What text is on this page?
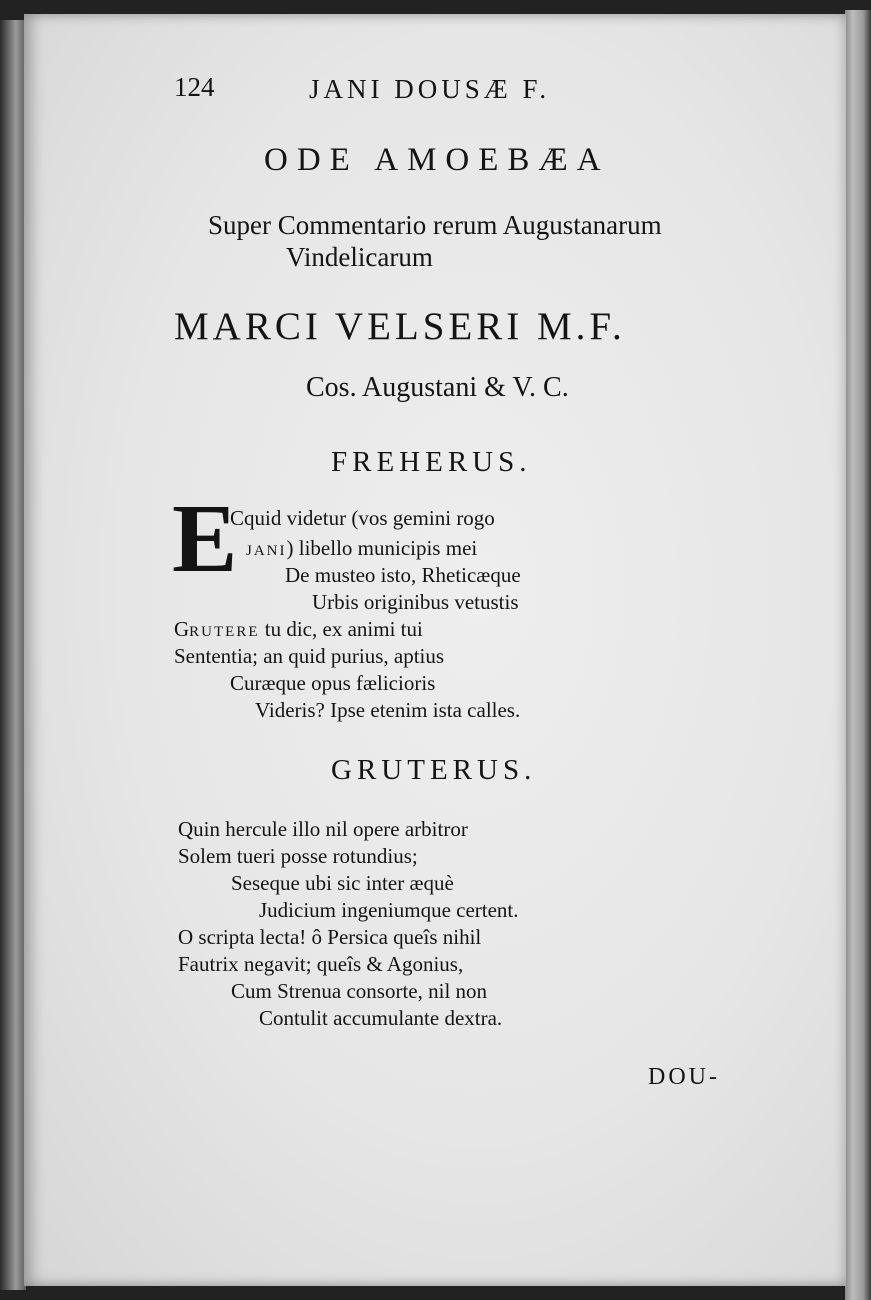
124	JANI DOUSÆ F.
ODE AMOEBÆA
Super Commentario rerum Augustanarum
Vindelicarum
MARCI VELSERI M.F.
Cos. Augustani & V. C.
FREHERUS.
E
Cquid videtur (vos gemini rogo
JANI) libello municipis mei
De musteo isto, Rheticæque
Urbis originibus vetustis
GRUTERE tu dic, ex animi tui
Sententia; an quid purius, aptius
Curæque opus fælicioris
Videris? Ipse etenim ista calles.
GRUTERUS.
Quin hercule illo nil opere arbitror
Solem tueri posse rotundius;
Seseque ubi sic inter æquè
Judicium ingeniumque certent.
O scripta lecta! ô Persica queîs nihil
Fautrix negavit; queîs & Agonius,
Cum Strenua consorte, nil non
Contulit accumulante dextra.
DOU-
